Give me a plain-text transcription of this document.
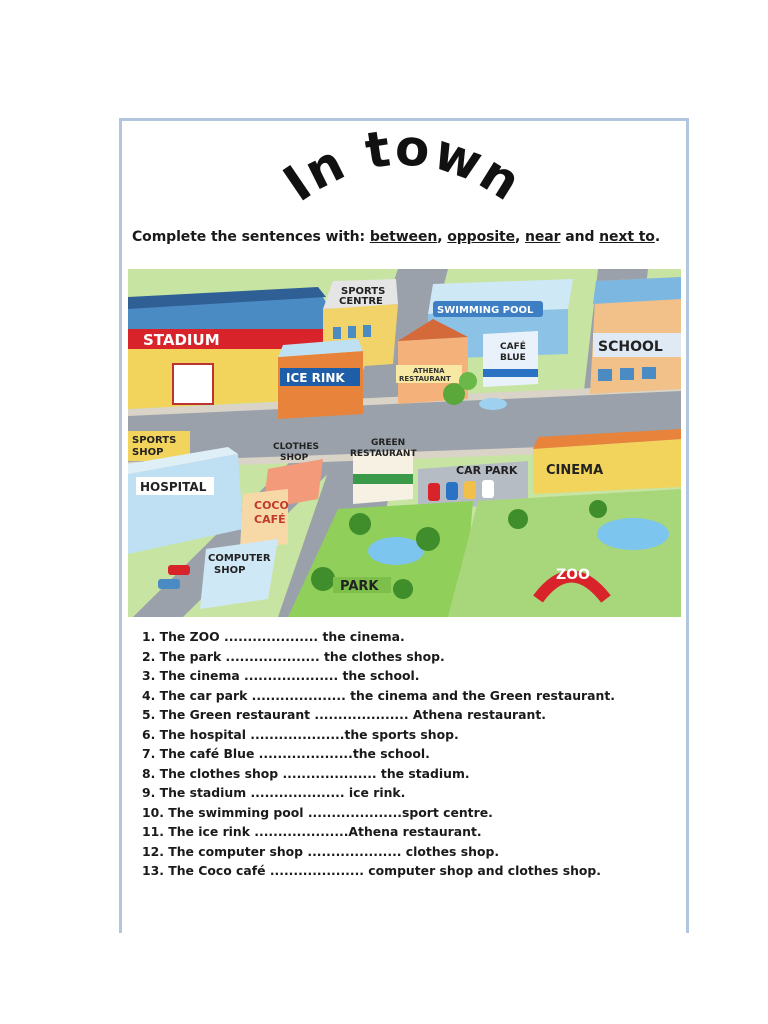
In town
Complete the sentences with: between, opposite, near and next to.
STADIUM
SPORTS
CENTRE
ICE RINK
SWIMMING POOL
ATHENA
RESTAURANT
CAFÉ
BLUE
SCHOOL
SPORTS
SHOP
HOSPITAL
CLOTHES
SHOP
COCO
CAFÉ
COMPUTER
SHOP
GREEN
RESTAURANT
CAR PARK CINEMA
PARK
ZOO
1. The ZOO .................... the cinema.
2. The park .................... the clothes shop.
3. The cinema .................... the school.
4. The car park .................... the cinema and the Green restaurant.
5. The Green restaurant .................... Athena restaurant.
6. The hospital ....................the sports shop.
7. The café Blue ....................the school.
8. The clothes shop .................... the stadium.
9. The stadium .................... ice rink.
10. The swimming pool ....................sport centre.
11. The ice rink ....................Athena restaurant.
12. The computer shop .................... clothes shop.
13. The Coco café .................... computer shop and clothes shop.
